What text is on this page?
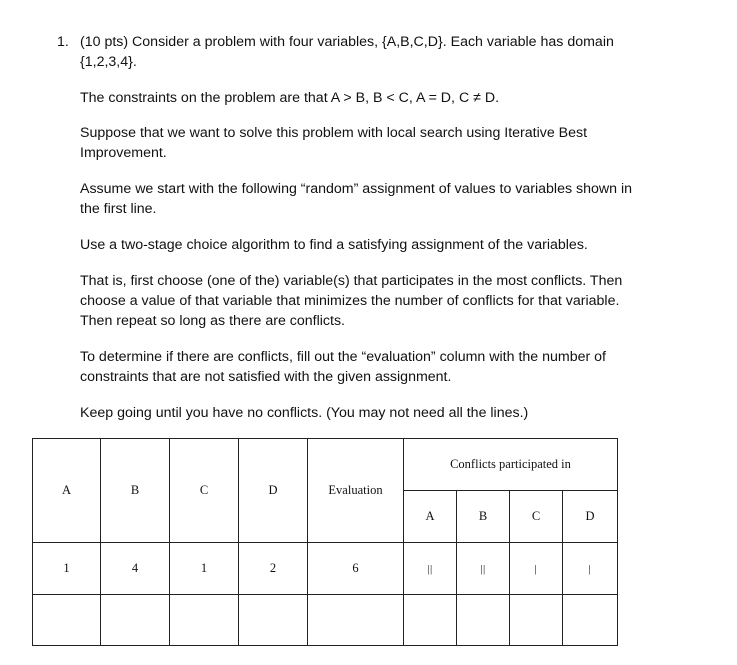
1. (10 pts) Consider a problem with four variables, {A,B,C,D}. Each variable has domain
{1,2,3,4}.

The constraints on the problem are that A > B, B < C, A = D, C ≠ D.

Suppose that we want to solve this problem with local search using Iterative Best
Improvement.

Assume we start with the following “random” assignment of values to variables shown in
the first line.

Use a two-stage choice algorithm to find a satisfying assignment of the variables.

That is, first choose (one of the) variable(s) that participates in the most conflicts. Then
choose a value of that variable that minimizes the number of conflicts for that variable.
Then repeat so long as there are conflicts.

To determine if there are conflicts, fill out the “evaluation” column with the number of
constraints that are not satisfied with the given assignment.

Keep going until you have no conflicts. (You may not need all the lines.)

A	B	C	D	Evaluation	Conflicts participated in			
					A	B	C	D
1	4	1	2	6	||	||	|	|
